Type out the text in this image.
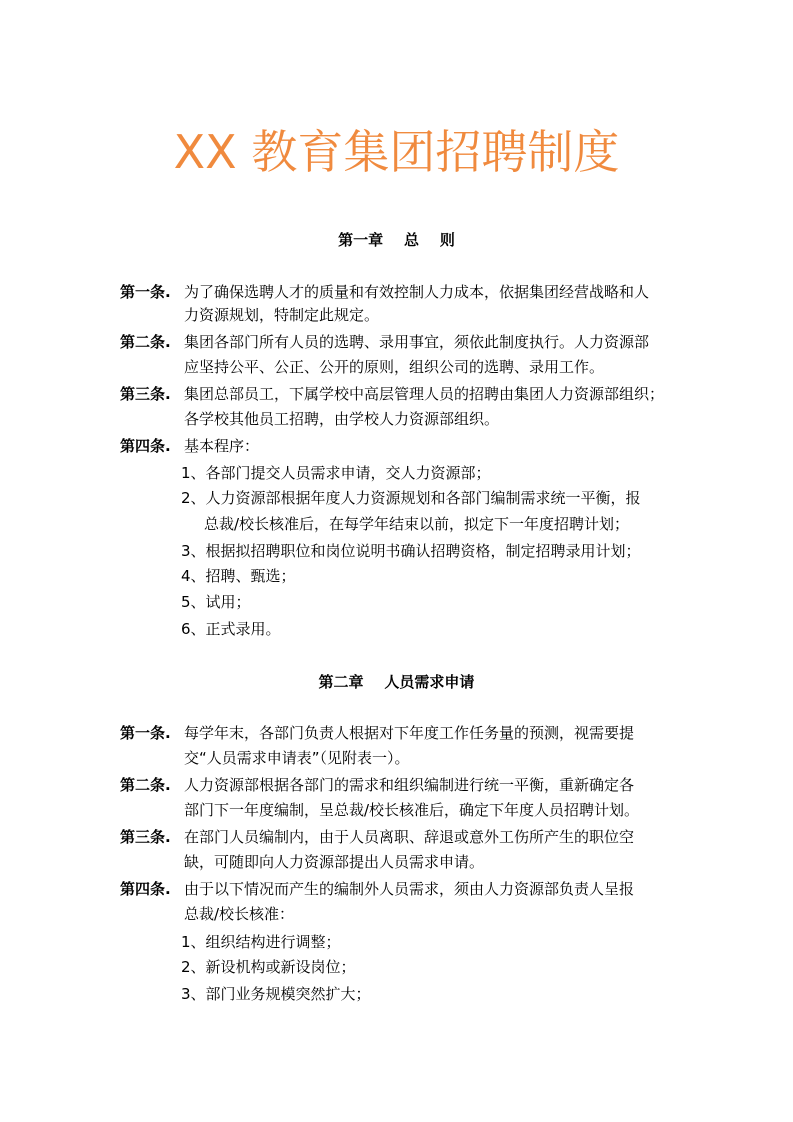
XX 教育集团招聘制度
第一章    总    则
第一条. 为了确保选聘人才的质量和有效控制人力成本，依据集团经营战略和人
力资源规划，特制定此规定。
第二条. 集团各部门所有人员的选聘、录用事宜，须依此制度执行。人力资源部
应坚持公平、公正、公开的原则，组织公司的选聘、录用工作。
第三条. 集团总部员工，下属学校中高层管理人员的招聘由集团人力资源部组织；
各学校其他员工招聘，由学校人力资源部组织。
第四条. 基本程序：
1、各部门提交人员需求申请，交人力资源部；
2、人力资源部根据年度人力资源规划和各部门编制需求统一平衡，报
总裁/校长核准后，在每学年结束以前，拟定下一年度招聘计划；
3、根据拟招聘职位和岗位说明书确认招聘资格，制定招聘录用计划；
4、招聘、甄选；
5、试用；
6、正式录用。
第二章    人员需求申请
第一条. 每学年末，各部门负责人根据对下年度工作任务量的预测，视需要提
交“人员需求申请表”（见附表一）。
第二条. 人力资源部根据各部门的需求和组织编制进行统一平衡，重新确定各
部门下一年度编制，呈总裁/校长核准后，确定下年度人员招聘计划。
第三条. 在部门人员编制内，由于人员离职、辞退或意外工伤所产生的职位空
缺，可随即向人力资源部提出人员需求申请。
第四条. 由于以下情况而产生的编制外人员需求，须由人力资源部负责人呈报
总裁/校长核准：
1、组织结构进行调整；
2、新设机构或新设岗位；
3、部门业务规模突然扩大；
